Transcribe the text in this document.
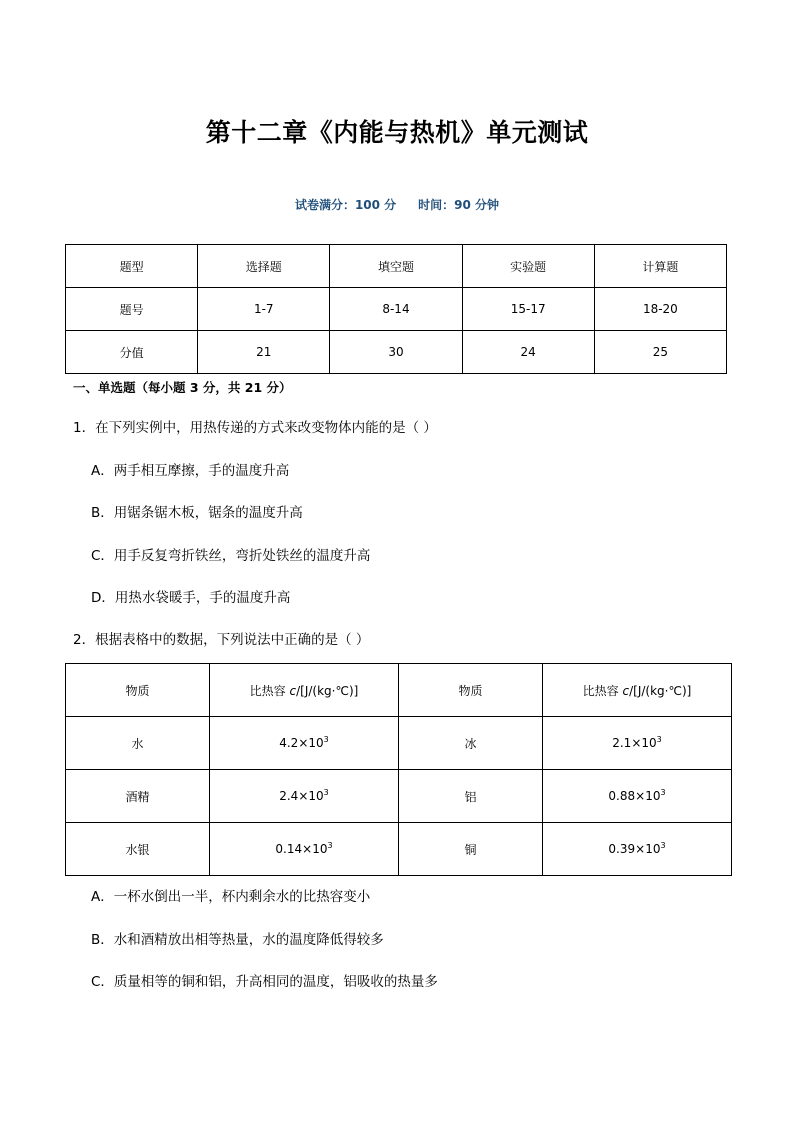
第十二章《内能与热机》单元测试
试卷满分：100 分 时间：90 分钟
题型	选择题	填空题	实验题	计算题
题号	1-7	8-14	15-17	18-20
分值	21	30	24	25
一、单选题（每小题 3 分，共 21 分）
1．在下列实例中，用热传递的方式来改变物体内能的是（ ）
A．两手相互摩擦，手的温度升高
B．用锯条锯木板，锯条的温度升高
C．用手反复弯折铁丝，弯折处铁丝的温度升高
D．用热水袋暖手，手的温度升高
2．根据表格中的数据，下列说法中正确的是（ ）
物质	比热容 c/[J/(kg·℃)]	物质	比热容 c/[J/(kg·℃)]
水	$4.2\times 10^3$	冰	$2.1\times 10^3$
酒精	$2.4\times 10^3$	铝	$0.88\times 10^3$
水银	$0.14\times 10^3$	铜	$0.39\times 10^3$
A．一杯水倒出一半，杯内剩余水的比热容变小
B．水和酒精放出相等热量，水的温度降低得较多
C．质量相等的铜和铝，升高相同的温度，铝吸收的热量多
